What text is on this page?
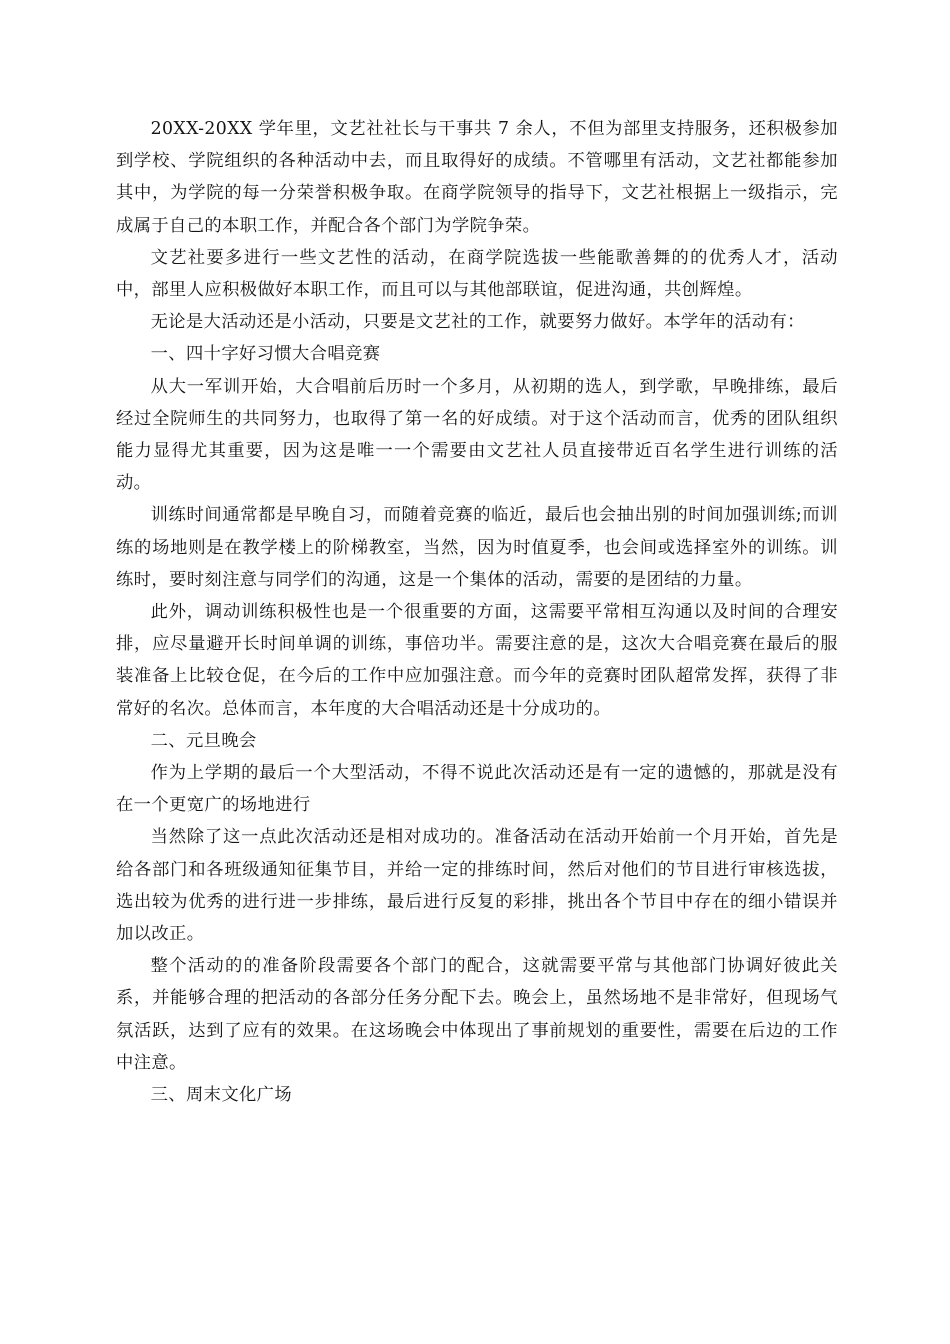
20XX-20XX 学年里，文艺社社长与干事共 7 余人，不但为部里支持服务，还积极参加到学校、学院组织的各种活动中去，而且取得好的成绩。不管哪里有活动，文艺社都能参加其中，为学院的每一分荣誉积极争取。在商学院领导的指导下，文艺社根据上一级指示，完成属于自己的本职工作，并配合各个部门为学院争荣。

文艺社要多进行一些文艺性的活动，在商学院选拔一些能歌善舞的的优秀人才，活动中，部里人应积极做好本职工作，而且可以与其他部联谊，促进沟通，共创辉煌。

无论是大活动还是小活动，只要是文艺社的工作，就要努力做好。本学年的活动有：

一、四十字好习惯大合唱竞赛

从大一军训开始，大合唱前后历时一个多月，从初期的选人，到学歌，早晚排练，最后经过全院师生的共同努力，也取得了第一名的好成绩。对于这个活动而言，优秀的团队组织能力显得尤其重要，因为这是唯一一个需要由文艺社人员直接带近百名学生进行训练的活动。

训练时间通常都是早晚自习，而随着竞赛的临近，最后也会抽出别的时间加强训练;而训练的场地则是在教学楼上的阶梯教室，当然，因为时值夏季，也会间或选择室外的训练。训练时，要时刻注意与同学们的沟通，这是一个集体的活动，需要的是团结的力量。

此外，调动训练积极性也是一个很重要的方面，这需要平常相互沟通以及时间的合理安排，应尽量避开长时间单调的训练，事倍功半。需要注意的是，这次大合唱竞赛在最后的服装准备上比较仓促，在今后的工作中应加强注意。而今年的竞赛时团队超常发挥，获得了非常好的名次。总体而言，本年度的大合唱活动还是十分成功的。

二、元旦晚会

作为上学期的最后一个大型活动，不得不说此次活动还是有一定的遗憾的，那就是没有在一个更宽广的场地进行

当然除了这一点此次活动还是相对成功的。准备活动在活动开始前一个月开始，首先是给各部门和各班级通知征集节目，并给一定的排练时间，然后对他们的节目进行审核选拔，选出较为优秀的进行进一步排练，最后进行反复的彩排，挑出各个节目中存在的细小错误并加以改正。

整个活动的的准备阶段需要各个部门的配合，这就需要平常与其他部门协调好彼此关系，并能够合理的把活动的各部分任务分配下去。晚会上，虽然场地不是非常好，但现场气氛活跃，达到了应有的效果。在这场晚会中体现出了事前规划的重要性，需要在后边的工作中注意。

三、周末文化广场
